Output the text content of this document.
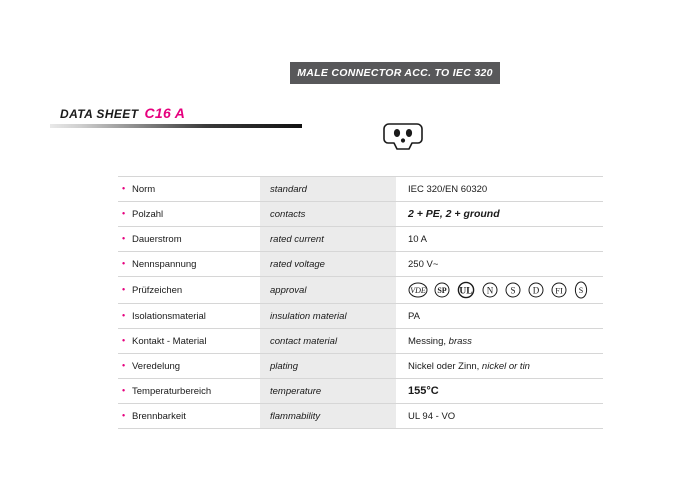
MALE CONNECTOR ACC. TO IEC 320
DATA SHEET C16 A
• Norm	standard	IEC 320/EN 60320

• Polzahl	contacts	2 + PE, 2 + ground

• Dauerstrom	rated current	10 A

• Nennspannung	rated voltage	250 V~

• Prüfzeichen	approval	VDE SP UL N S D FI S

• Isolationsmaterial	insulation material	PA

• Kontakt - Material	contact material	Messing, brass

• Veredelung	plating	Nickel oder Zinn, nickel or tin

• Temperaturbereich	temperature	155°C

• Brennbarkeit	flammability	UL 94 - VO
